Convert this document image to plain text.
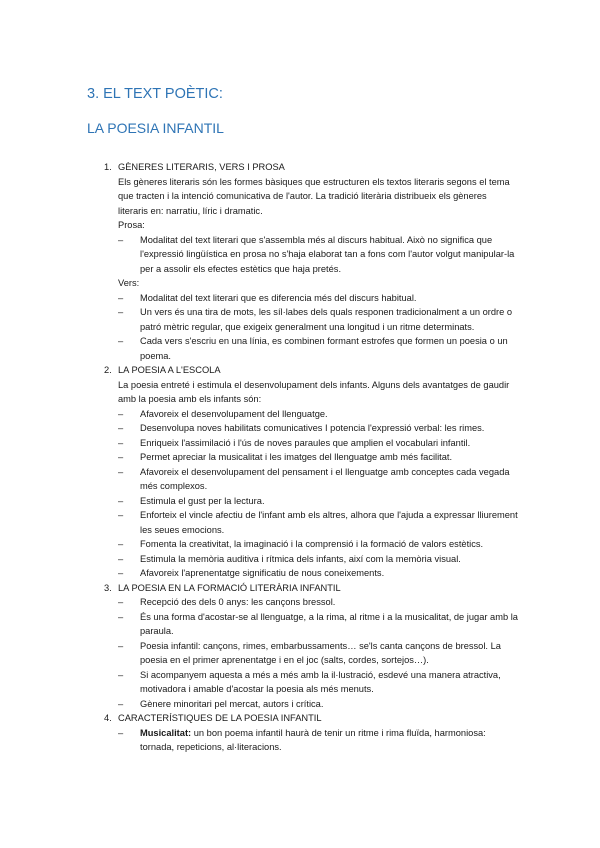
3. EL TEXT POÈTIC:
LA POESIA INFANTIL
1. GÈNERES LITERARIS, VERS I PROSA
Els gèneres literaris són les formes bàsiques que estructuren els textos literaris segons el tema que tracten i la intenció comunicativa de l'autor. La tradició literària distribueix els gèneres literaris en: narratiu, líric i dramatic.
Prosa:
– Modalitat del text literari que s'assembla més al discurs habitual. Això no significa que l'expressió lingüística en prosa no s'haja elaborat tan a fons com l'autor volgut manipular-la per a assolir els efectes estètics que haja pretés.
Vers:
– Modalitat del text literari que es diferencia més del discurs habitual.
– Un vers és una tira de mots, les síl·labes dels quals responen tradicionalment a un ordre o patró mètric regular, que exigeix generalment una longitud i un ritme determinats.
– Cada vers s'escriu en una línia, es combinen formant estrofes que formen un poesia o un poema.
2. LA POESIA A L'ESCOLA
La poesia entreté i estimula el desenvolupament dels infants. Alguns dels avantatges de gaudir amb la poesia amb els infants són:
– Afavoreix el desenvolupament del llenguatge.
– Desenvolupa noves habilitats comunicatives I potencia l'expressió verbal: les rimes.
– Enriqueix l'assimilació i l'ús de noves paraules que amplien el vocabulari infantil.
– Permet apreciar la musicalitat i les imatges del llenguatge amb més facilitat.
– Afavoreix el desenvolupament del pensament i el llenguatge amb conceptes cada vegada més complexos.
– Estimula el gust per la lectura.
– Enforteix el vincle afectiu de l'infant amb els altres, alhora que l'ajuda a expressar lliurement les seues emocions.
– Fomenta la creativitat, la imaginació i la comprensió i la formació de valors estètics.
– Estimula la memòria auditiva i rítmica dels infants, així com la memòria visual.
– Afavoreix l'aprenentatge significatiu de nous coneixements.
3. LA POESIA EN LA FORMACIÓ LITERÀRIA INFANTIL
– Recepció des dels 0 anys: les cançons bressol.
– És una forma d'acostar-se al llenguatge, a la rima, al ritme i a la musicalitat, de jugar amb la paraula.
– Poesia infantil: cançons, rimes, embarbussaments… se'ls canta cançons de bressol. La poesia en el primer aprenentatge i en el joc (salts, cordes, sortejos…).
– Si acompanyem aquesta a més a més amb la il·lustració, esdevé una manera atractiva, motivadora i amable d'acostar la poesia als més menuts.
– Gènere minoritari pel mercat, autors i crítica.
4. CARACTERÍSTIQUES DE LA POESIA INFANTIL
– Musicalitat: un bon poema infantil haurà de tenir un ritme i rima fluïda, harmoniosa: tornada, repeticions, al·literacions.
